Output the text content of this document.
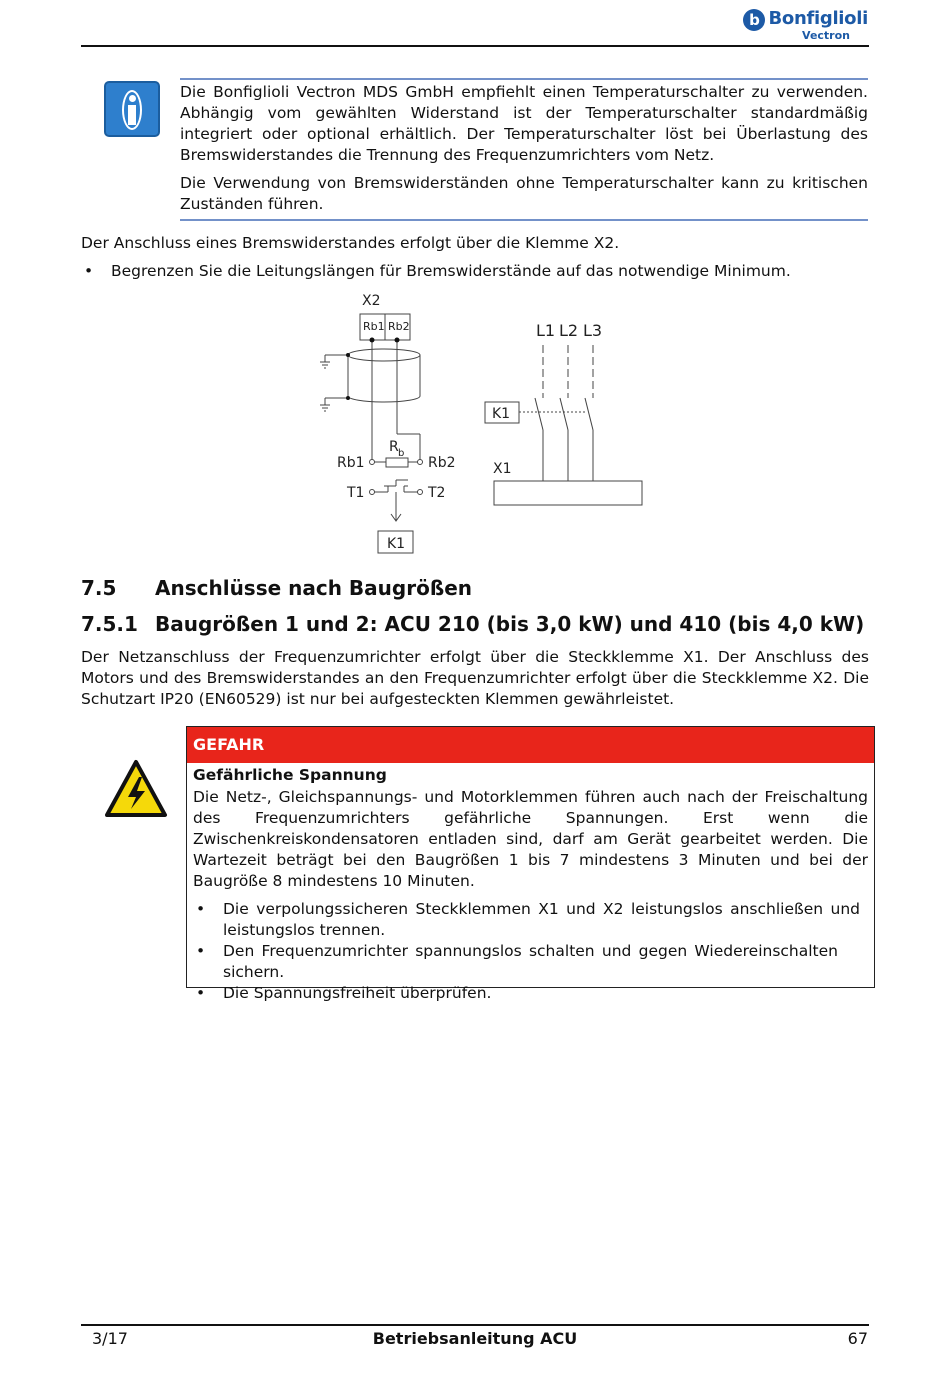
b Bonfiglioli
Vectron
Die Bonfiglioli Vectron MDS GmbH empfiehlt einen Temperaturschalter zu verwenden. Abhängig vom gewählten Widerstand ist der Temperaturschalter standardmäßig integriert oder optional erhältlich. Der Temperaturschalter löst bei Überlastung des Bremswiderstandes die Trennung des Frequenzumrichters vom Netz.
Die Verwendung von Bremswiderständen ohne Temperaturschalter kann zu kritischen Zuständen führen.
Der Anschluss eines Bremswiderstandes erfolgt über die Klemme X2.
• Begrenzen Sie die Leitungslängen für Bremswiderstände auf das notwendige Minimum.
X2
Rb1 Rb2	L1 L2 L3
K1
R b
Rb1	Rb2
T1	T2
X1
K1
7.5 Anschlüsse nach Baugrößen
7.5.1 Baugrößen 1 und 2: ACU 210 (bis 3,0 kW) und 410 (bis 4,0 kW)
Der Netzanschluss der Frequenzumrichter erfolgt über die Steckklemme X1. Der Anschluss des Motors und des Bremswiderstandes an den Frequenzumrichter erfolgt über die Steckklemme X2. Die Schutzart IP20 (EN60529) ist nur bei aufgesteckten Klemmen gewährleistet.
GEFAHR
Gefährliche Spannung
Die Netz-, Gleichspannungs- und Motorklemmen führen auch nach der Freischaltung des Frequenzumrichters gefährliche Spannungen. Erst wenn die Zwischenkreiskondensatoren entladen sind, darf am Gerät gearbeitet werden. Die Wartezeit beträgt bei den Baugrößen 1 bis 7 mindestens 3 Minuten und bei der Baugröße 8 mindestens 10 Minuten.
• Die verpolungssicheren Steckklemmen X1 und X2 leistungslos anschließen und leistungslos trennen.
• Den Frequenzumrichter spannungslos schalten und gegen Wiedereinschalten sichern.
• Die Spannungsfreiheit überprüfen.
3/17	Betriebsanleitung ACU	67
